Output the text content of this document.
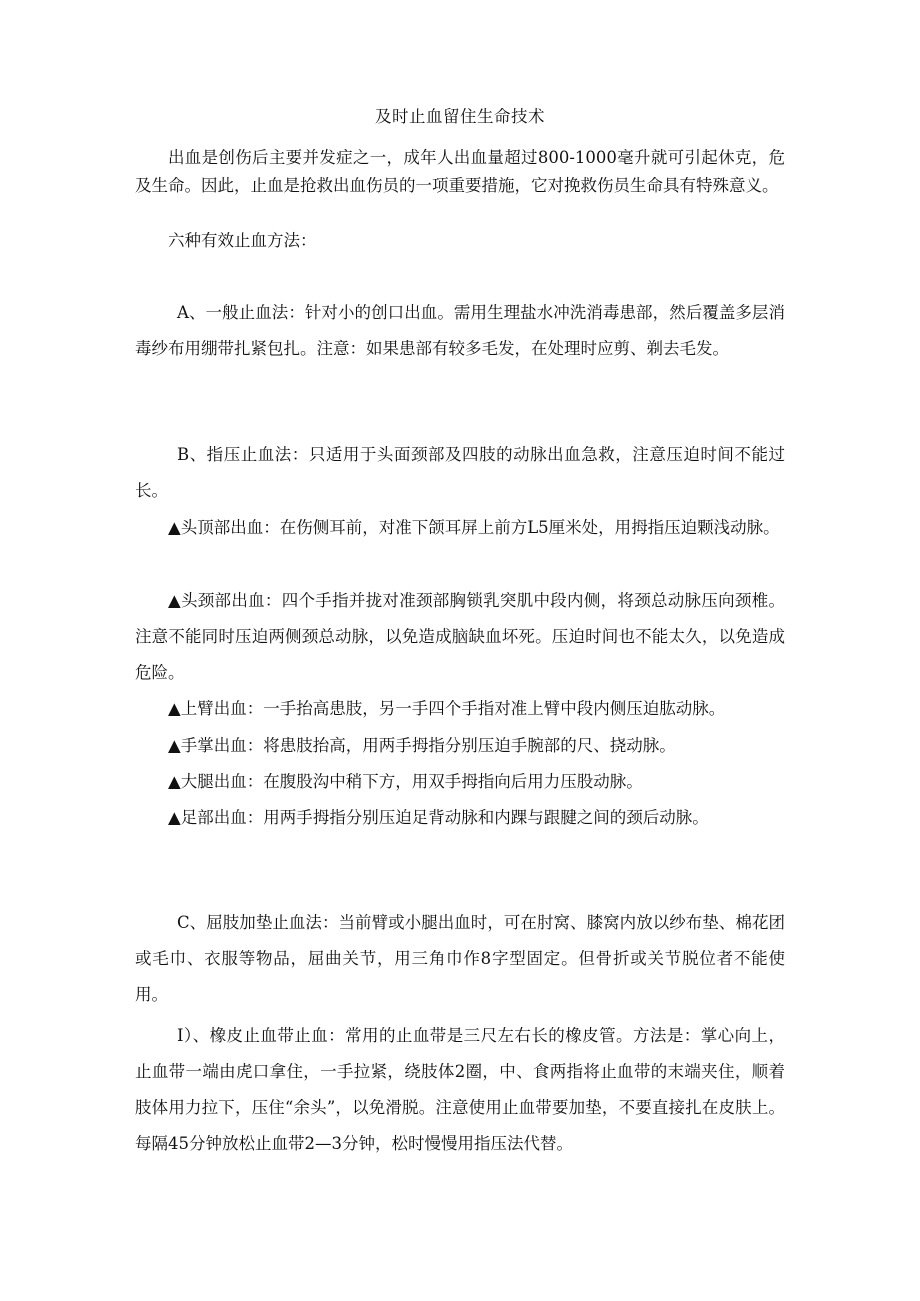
及时止血留住生命技术

出血是创伤后主要并发症之一，成年人出血量超过800-1000毫升就可引起休克，危及生命。因此，止血是抢救出血伤员的一项重要措施，它对挽救伤员生命具有特殊意义。

六种有效止血方法：

A、一般止血法：针对小的创口出血。需用生理盐水冲洗消毒患部，然后覆盖多层消毒纱布用绷带扎紧包扎。注意：如果患部有较多毛发，在处理时应剪、剃去毛发。

B、指压止血法：只适用于头面颈部及四肢的动脉出血急救，注意压迫时间不能过长。

▲头顶部出血：在伤侧耳前，对准下颌耳屏上前方L5厘米处，用拇指压迫颗浅动脉。

▲头颈部出血：四个手指并拢对准颈部胸锁乳突肌中段内侧，将颈总动脉压向颈椎。注意不能同时压迫两侧颈总动脉，以免造成脑缺血坏死。压迫时间也不能太久，以免造成危险。

▲上臂出血：一手抬高患肢，另一手四个手指对准上臂中段内侧压迫肱动脉。

▲手掌出血：将患肢抬高，用两手拇指分别压迫手腕部的尺、挠动脉。

▲大腿出血：在腹股沟中稍下方，用双手拇指向后用力压股动脉。

▲足部出血：用两手拇指分别压迫足背动脉和内踝与跟腱之间的颈后动脉。

C、屈肢加垫止血法：当前臂或小腿出血时，可在肘窝、膝窝内放以纱布垫、棉花团或毛巾、衣服等物品，屈曲关节，用三角巾作8字型固定。但骨折或关节脱位者不能使用。

I）、橡皮止血带止血：常用的止血带是三尺左右长的橡皮管。方法是：掌心向上，止血带一端由虎口拿住，一手拉紧，绕肢体2圈，中、食两指将止血带的末端夹住，顺着肢体用力拉下，压住“余头”，以免滑脱。注意使用止血带要加垫，不要直接扎在皮肤上。每隔45分钟放松止血带2—3分钟，松时慢慢用指压法代替。
